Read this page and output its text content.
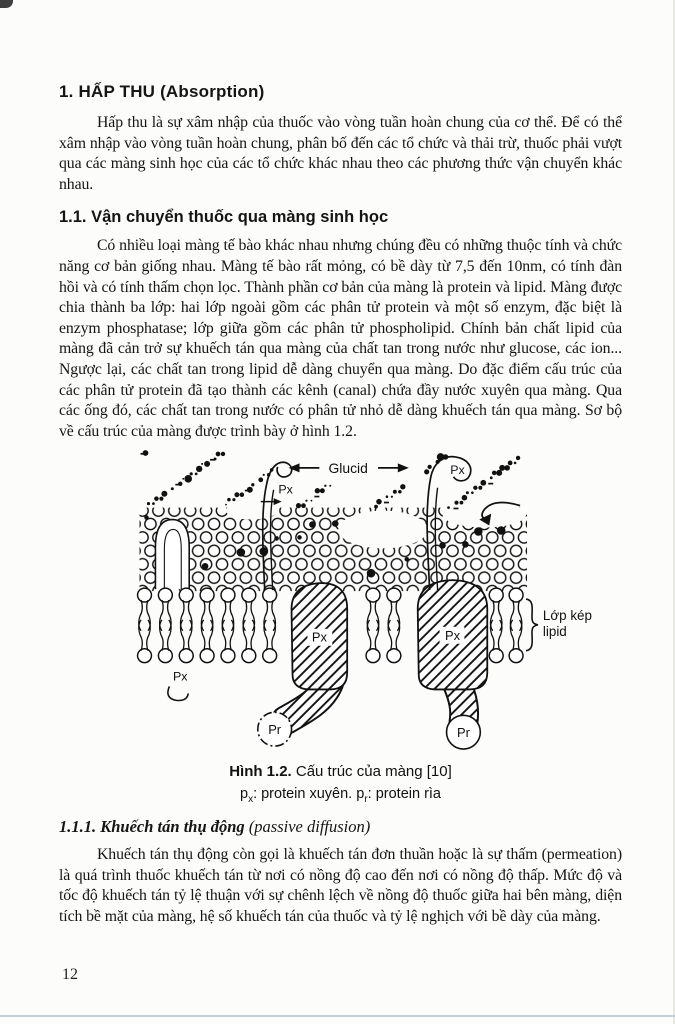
1. HẤP THU (Absorption)

Hấp thu là sự xâm nhập của thuốc vào vòng tuần hoàn chung của cơ thể. Để có thể xâm nhập vào vòng tuần hoàn chung, phân bố đến các tổ chức và thải trừ, thuốc phải vượt qua các màng sinh học của các tổ chức khác nhau theo các phương thức vận chuyển khác nhau.

1.1. Vận chuyển thuốc qua màng sinh học

Có nhiều loại màng tế bào khác nhau nhưng chúng đều có những thuộc tính và chức năng cơ bản giống nhau. Màng tế bào rất mỏng, có bề dày từ 7,5 đến 10nm, có tính đàn hồi và có tính thấm chọn lọc. Thành phần cơ bản của màng là protein và lipid. Màng được chia thành ba lớp: hai lớp ngoài gồm các phân tử protein và một số enzym, đặc biệt là enzym phosphatase; lớp giữa gồm các phân tử phospholipid. Chính bản chất lipid của màng đã cản trở sự khuếch tán qua màng của chất tan trong nước như glucose, các ion... Ngược lại, các chất tan trong lipid dễ dàng chuyển qua màng. Do đặc điểm cấu trúc của các phân tử protein đã tạo thành các kênh (canal) chứa đầy nước xuyên qua màng. Qua các ống đó, các chất tan trong nước có phân tử nhỏ dễ dàng khuếch tán qua màng. Sơ bộ về cấu trúc của màng được trình bày ở hình 1.2.

Px	Px
Pr	Pr
Px
Px
Glucid
Px
Lớp kép
lipid
Hình 1.2. Cấu trúc của màng [10]
$p_x$: protein xuyên. $p_r$: protein rìa
1.1.1. Khuếch tán thụ động (passive diffusion)

Khuếch tán thụ động còn gọi là khuếch tán đơn thuần hoặc là sự thấm (permeation) là quá trình thuốc khuếch tán từ nơi có nồng độ cao đến nơi có nồng độ thấp. Mức độ và tốc độ khuếch tán tỷ lệ thuận với sự chênh lệch về nồng độ thuốc giữa hai bên màng, diện tích bề mặt của màng, hệ số khuếch tán của thuốc và tỷ lệ nghịch với bề dày của màng.

12
